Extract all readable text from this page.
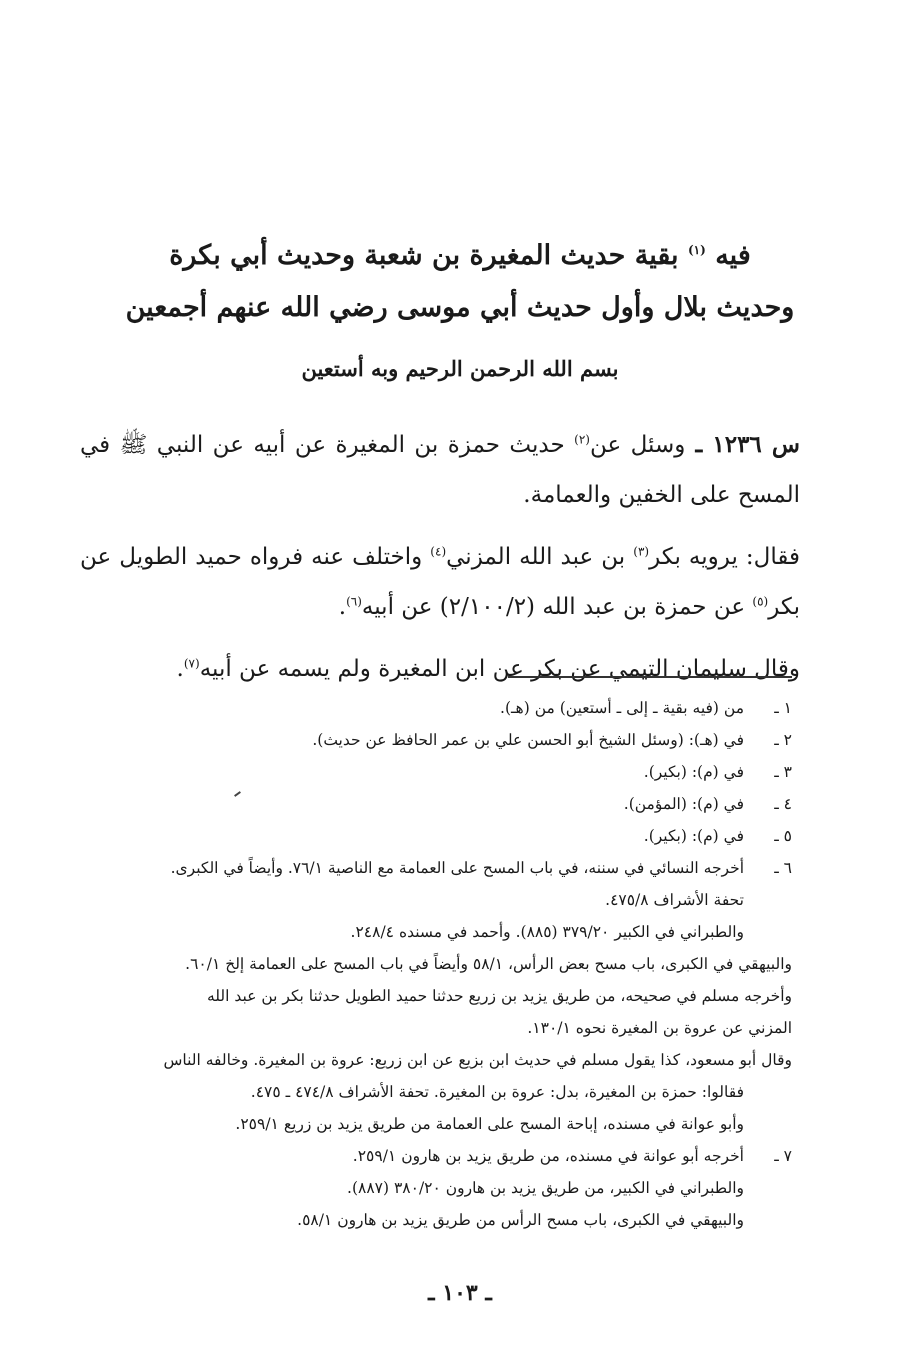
فيه $^{(١)}$ بقية حديث المغيرة بن شعبة وحديث أبي بكرة
وحديث بلال وأول حديث أبي موسى رضي الله عنهم أجمعين
بسم الله الرحمن الرحيم وبه أستعين

س ١٢٣٦ ـ وسئل عن$^{(٢)}$ حديث حمزة بن المغيرة عن أبيه عن النبي ﷺ في المسح على الخفين والعمامة.

فقال: يرويه بكر$^{(٣)}$ بن عبد الله المزني$^{(٤)}$ واختلف عنه فرواه حميد الطويل عن بكر$^{(٥)}$ عن حمزة بن عبد الله (٢/١٠٠/٢) عن أبيه$^{(٦)}$.

وقال سليمان التيمي عن بكر عن ابن المغيرة ولم يسمه عن أبيه$^{(٧)}$.

١ ـ
من (فيه بقية ـ إلى ـ أستعين) من (هـ).
٢ ـ
في (هـ): (وسئل الشيخ أبو الحسن علي بن عمر الحافظ عن حديث).
٣ ـ
في (م): (بكير).
٤ ـ
في (م): (المؤمن).
٥ ـ
في (م): (بكير).
٦ ـ
أخرجه النسائي في سننه، في باب المسح على العمامة مع الناصية ٧٦/١. وأيضاً في الكبرى.
تحفة الأشراف ٤٧٥/٨.
والطبراني في الكبير ٣٧٩/٢٠ (٨٨٥). وأحمد في مسنده ٢٤٨/٤.
والبيهقي في الكبرى، باب مسح بعض الرأس، ٥٨/١ وأيضاً في باب المسح على العمامة إلخ ٦٠/١.
وأخرجه مسلم في صحيحه، من طريق يزيد بن زريع حدثنا حميد الطويل حدثنا بكر بن عبد الله
المزني عن عروة بن المغيرة نحوه ١٣٠/١.
وقال أبو مسعود، كذا يقول مسلم في حديث ابن بزيع عن ابن زريع: عروة بن المغيرة. وخالفه الناس
فقالوا: حمزة بن المغيرة، بدل: عروة بن المغيرة. تحفة الأشراف ٤٧٤/٨ ـ ٤٧٥.
وأبو عوانة في مسنده، إباحة المسح على العمامة من طريق يزيد بن زريع ٢٥٩/١.
٧ ـ
أخرجه أبو عوانة في مسنده، من طريق يزيد بن هارون ٢٥٩/١.
والطبراني في الكبير، من طريق يزيد بن هارون ٣٨٠/٢٠ (٨٨٧).
والبيهقي في الكبرى، باب مسح الرأس من طريق يزيد بن هارون ٥٨/١.
ـ ١٠٣ ـ
